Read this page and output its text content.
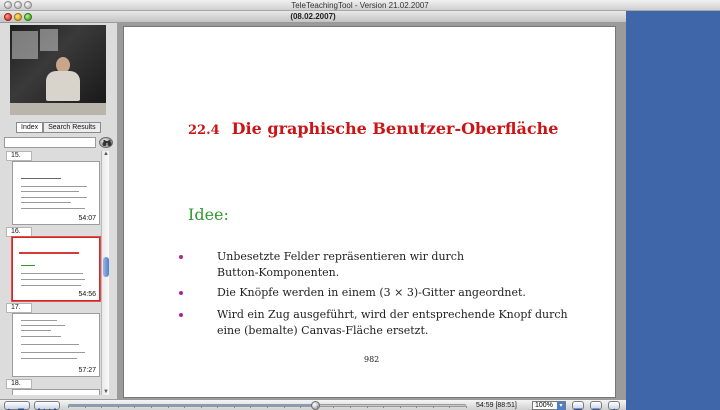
TeleTeachingTool - Version 21.02.2007
(08.02.2007)
Index	Search Results
15.
54:07
16.
54:56
17.
57:27
18.
▲
▼
22.4 Die graphische Benutzer-Oberfläche
Idee:
Unbesetzte Felder repräsentieren wir durch
Button-Komponenten.
Die Knöpfe werden in einem (3 × 3)-Gitter angeordnet.
Wird ein Zug ausgeführt, wird der entsprechende Knopf durch
eine (bemalte) Canvas-Fläche ersetzt.
982
54:59 [88:51]	100%	▾
